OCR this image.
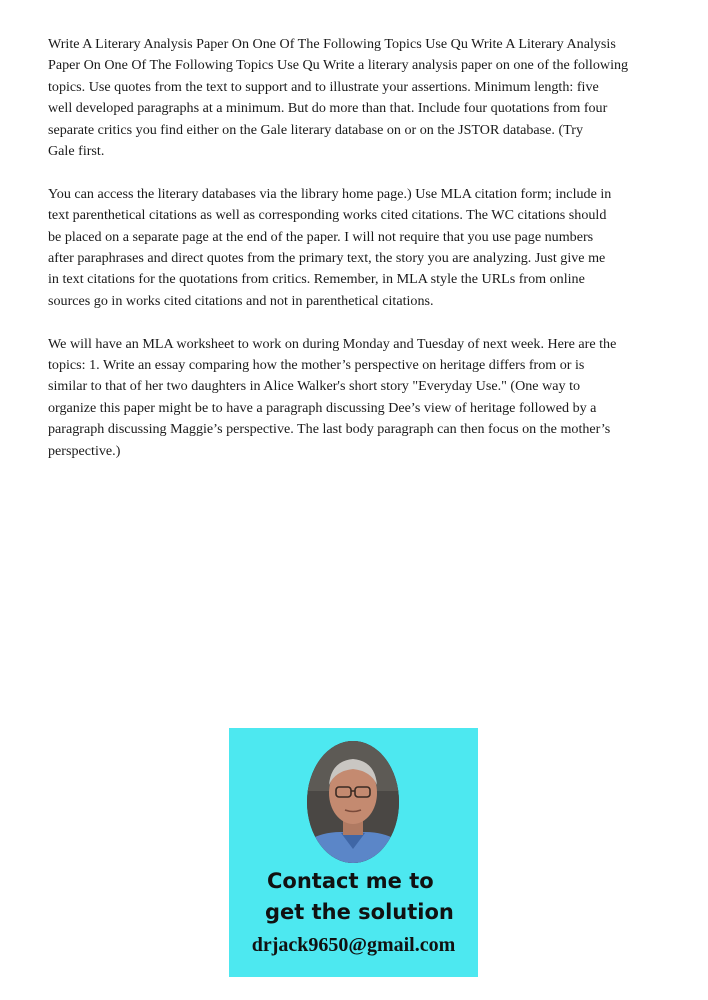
Write A Literary Analysis Paper On One Of The Following Topics Use Qu Write A Literary Analysis
Paper On One Of The Following Topics Use Qu Write a literary analysis paper on one of the following
topics. Use quotes from the text to support and to illustrate your assertions. Minimum length: five
well developed paragraphs at a minimum. But do more than that. Include four quotations from four
separate critics you find either on the Gale literary database on or on the JSTOR database. (Try
Gale first.

You can access the literary databases via the library home page.) Use MLA citation form; include in
text parenthetical citations as well as corresponding works cited citations. The WC citations should
be placed on a separate page at the end of the paper. I will not require that you use page numbers
after paraphrases and direct quotes from the primary text, the story you are analyzing. Just give me
in text citations for the quotations from critics. Remember, in MLA style the URLs from online
sources go in works cited citations and not in parenthetical citations.

We will have an MLA worksheet to work on during Monday and Tuesday of next week. Here are the
topics: 1. Write an essay comparing how the mother’s perspective on heritage differs from or is
similar to that of her two daughters in Alice Walker's short story "Everyday Use." (One way to
organize this paper might be to have a paragraph discussing Dee’s view of heritage followed by a
paragraph discussing Maggie’s perspective. The last body paragraph can then focus on the mother’s
perspective.)

Contact me to
get the solution
drjack9650@gmail.com
